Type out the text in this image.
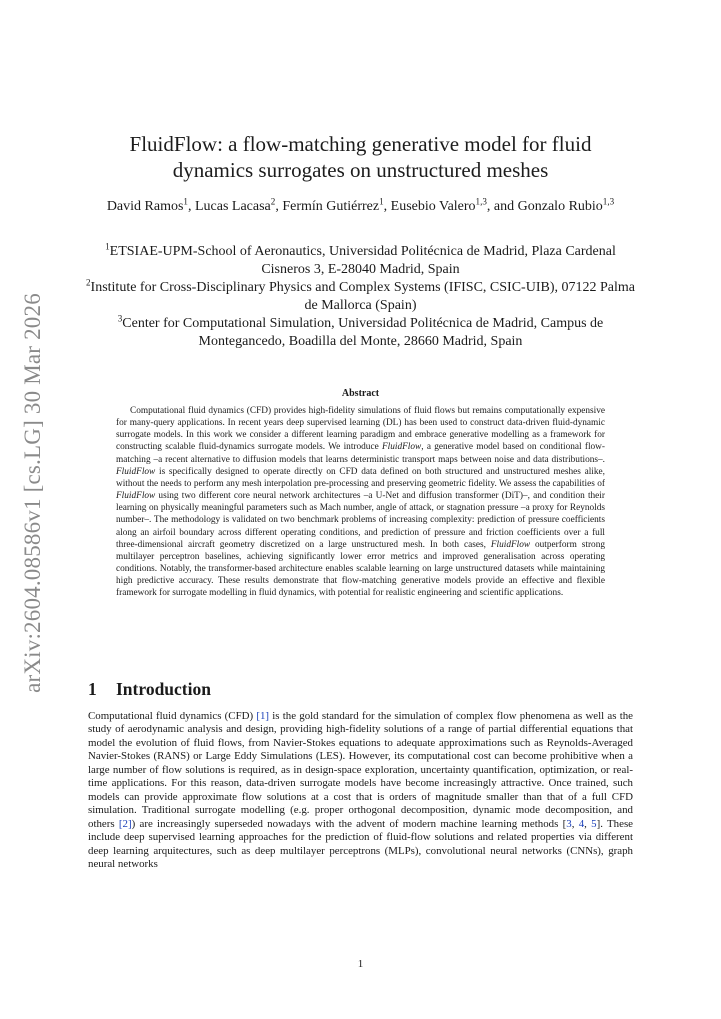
arXiv:2604.08586v1 [cs.LG] 30 Mar 2026
FluidFlow: a flow-matching generative model for fluid dynamics surrogates on unstructured meshes
David Ramos$^1$, Lucas Lacasa$^2$, Fermín Gutiérrez$^1$, Eusebio Valero$^{1,3}$, and Gonzalo Rubio$^{1,3}$

$^1$ETSIAE-UPM-School of Aeronautics, Universidad Politécnica de Madrid, Plaza Cardenal Cisneros 3, E-28040 Madrid, Spain

$^2$Institute for Cross-Disciplinary Physics and Complex Systems (IFISC, CSIC-UIB), 07122 Palma de Mallorca (Spain)

$^3$Center for Computational Simulation, Universidad Politécnica de Madrid, Campus de Montegancedo, Boadilla del Monte, 28660 Madrid, Spain

Abstract

Computational fluid dynamics (CFD) provides high-fidelity simulations of fluid flows but remains computationally expensive for many-query applications. In recent years deep supervised learning (DL) has been used to construct data-driven fluid-dynamic surrogate models. In this work we consider a different learning paradigm and embrace generative modelling as a framework for constructing scalable fluid-dynamics surrogate models. We introduce FluidFlow, a generative model based on conditional flow-matching –a recent alternative to diffusion models that learns deterministic transport maps between noise and data distributions–. FluidFlow is specifically designed to operate directly on CFD data defined on both structured and unstructured meshes alike, without the needs to perform any mesh interpolation pre-processing and preserving geometric fidelity. We assess the capabilities of FluidFlow using two different core neural network architectures –a U-Net and diffusion transformer (DiT)–, and condition their learning on physically meaningful parameters such as Mach number, angle of attack, or stagnation pressure –a proxy for Reynolds number–. The methodology is validated on two benchmark problems of increasing complexity: prediction of pressure coefficients along an airfoil boundary across different operating conditions, and prediction of pressure and friction coefficients over a full three-dimensional aircraft geometry discretized on a large unstructured mesh. In both cases, FluidFlow outperform strong multilayer perceptron baselines, achieving significantly lower error metrics and improved generalisation across operating conditions. Notably, the transformer-based architecture enables scalable learning on large unstructured datasets while maintaining high predictive accuracy. These results demonstrate that flow-matching generative models provide an effective and flexible framework for surrogate modelling in fluid dynamics, with potential for realistic engineering and scientific applications.

1 Introduction

Computational fluid dynamics (CFD) [1] is the gold standard for the simulation of complex flow phenomena as well as the study of aerodynamic analysis and design, providing high-fidelity solutions of a range of partial differential equations that model the evolution of fluid flows, from Navier-Stokes equations to adequate approximations such as Reynolds-Averaged Navier-Stokes (RANS) or Large Eddy Simulations (LES). However, its computational cost can become prohibitive when a large number of flow solutions is required, as in design-space exploration, uncertainty quantification, optimization, or real-time applications. For this reason, data-driven surrogate models have become increasingly attractive. Once trained, such models can provide approximate flow solutions at a cost that is orders of magnitude smaller than that of a full CFD simulation. Traditional surrogate modelling (e.g. proper orthogonal decomposition, dynamic mode decomposition, and others [2]) are increasingly superseded nowadays with the advent of modern machine learning methods [3, 4, 5]. These include deep supervised learning approaches for the prediction of fluid-flow solutions and related properties via different deep learning arquitectures, such as deep multilayer perceptrons (MLPs), convolutional neural networks (CNNs), graph neural networks

1
